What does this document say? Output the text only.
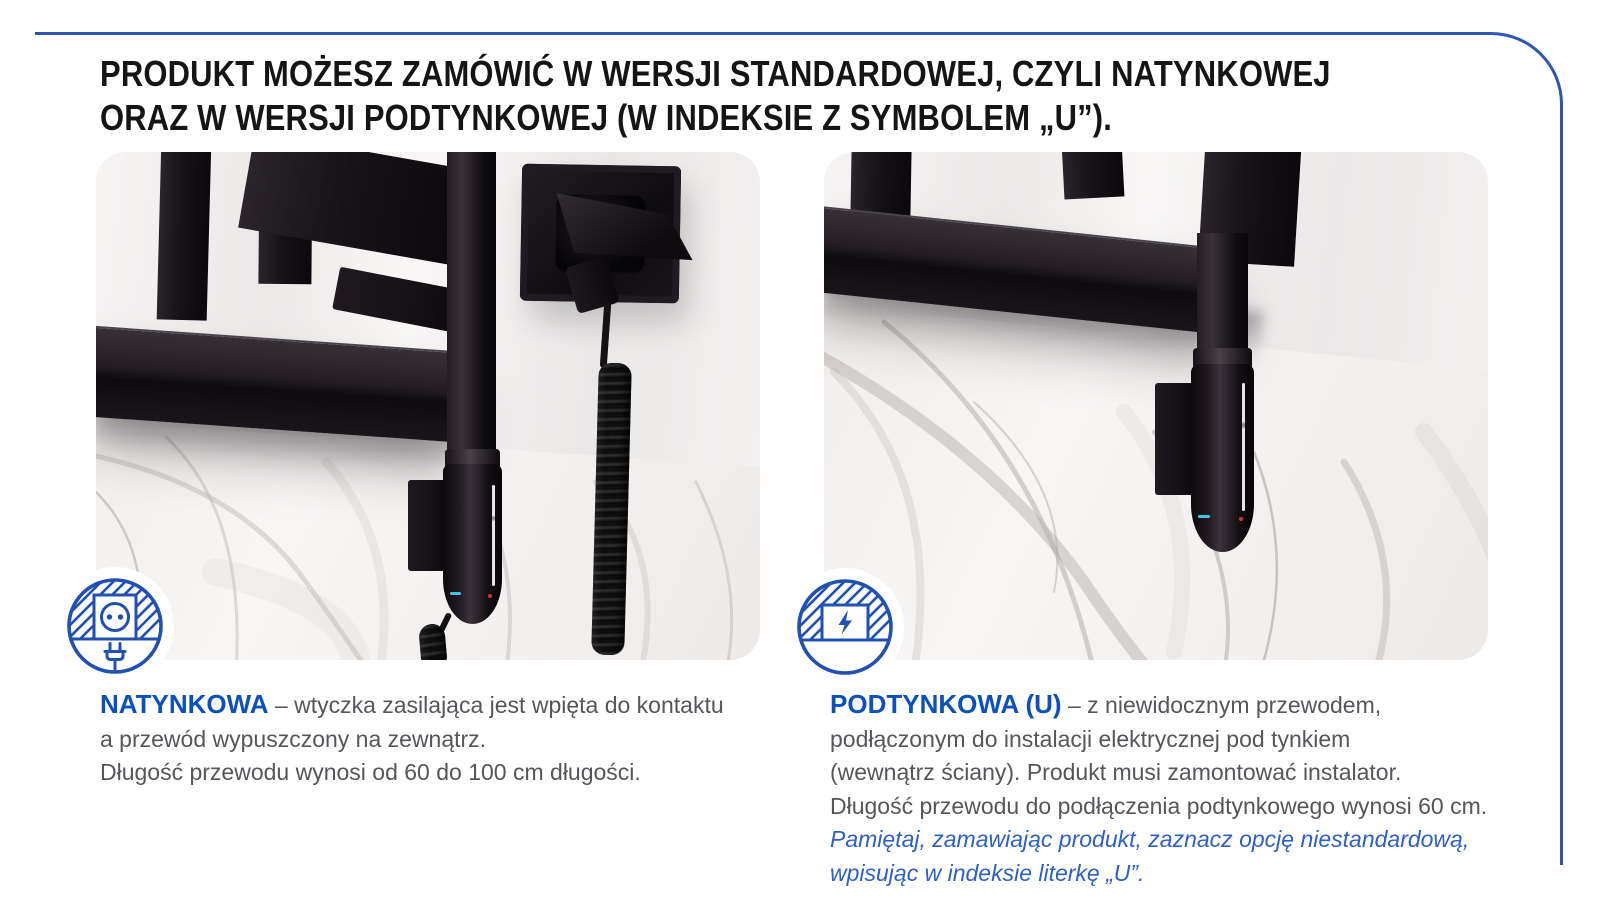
PRODUKT MOŻESZ ZAMÓWIĆ W WERSJI STANDARDOWEJ, CZYLI NATYNKOWEJ
ORAZ W WERSJI PODTYNKOWEJ (W INDEKSIE Z SYMBOLEM „U”).
NATYNKOWA – wtyczka zasilająca jest wpięta do kontaktu
a przewód wypuszczony na zewnątrz.
Długość przewodu wynosi od 60 do 100 cm długości.
PODTYNKOWA (U) – z niewidocznym przewodem,
podłączonym do instalacji elektrycznej pod tynkiem
(wewnątrz ściany). Produkt musi zamontować instalator.
Długość przewodu do podłączenia podtynkowego wynosi 60 cm.
Pamiętaj, zamawiając produkt, zaznacz opcję niestandardową,
wpisując w indeksie literkę „U”.
